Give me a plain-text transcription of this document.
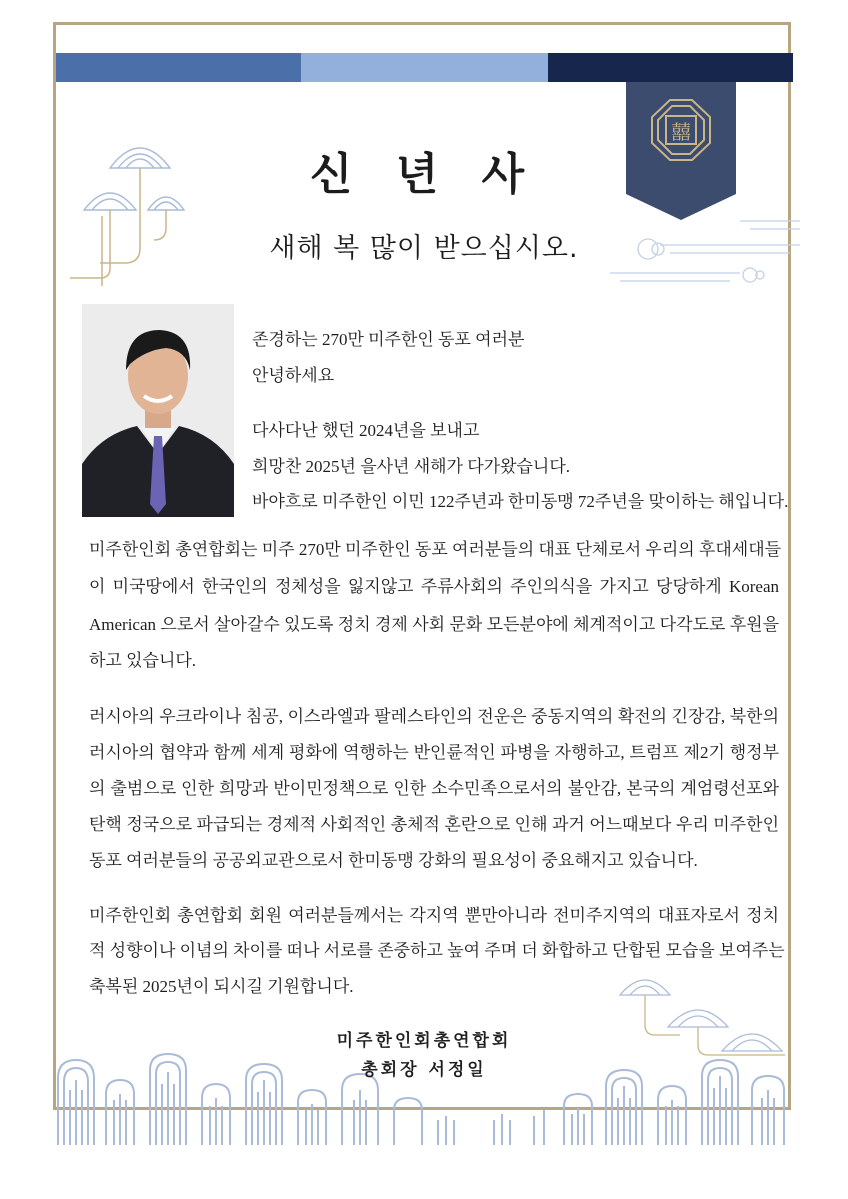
囍
신 년 사
새해 복 많이 받으십시오.
존경하는 270만 미주한인 동포 여러분
안녕하세요
다사다난 했던 2024년을 보내고
희망찬 2025년 을사년 새해가 다가왔습니다.
바야흐로 미주한인 이민 122주년과 한미동맹 72주년을 맞이하는 해입니다.
미주한인회 총연합회는 미주 270만 미주한인 동포 여러분들의 대표 단체로서 우리의 후대세대들
이 미국땅에서 한국인의 정체성을 잃지않고 주류사회의 주인의식을 가지고 당당하게 Korean
American 으로서 살아갈수 있도록 정치 경제 사회 문화 모든분야에 체계적이고 다각도로 후원을
하고 있습니다.
러시아의 우크라이나 침공, 이스라엘과 팔레스타인의 전운은 중동지역의 확전의 긴장감, 북한의
러시아의 협약과 함께 세계 평화에 역행하는 반인륜적인 파병을 자행하고, 트럼프 제2기 행정부
의 출범으로 인한 희망과 반이민정책으로 인한 소수민족으로서의 불안감, 본국의 계엄령선포와
탄핵 정국으로 파급되는 경제적 사회적인 총체적 혼란으로 인해 과거 어느때보다 우리 미주한인
동포 여러분들의 공공외교관으로서 한미동맹 강화의 필요성이 중요해지고 있습니다.
미주한인회 총연합회 회원 여러분들께서는 각지역 뿐만아니라 전미주지역의 대표자로서 정치
적 성향이나 이념의 차이를 떠나 서로를 존중하고 높여 주며 더 화합하고 단합된 모습을 보여주는
축복된 2025년이 되시길 기원합니다.
미주한인회총연합회
총회장 서정일
